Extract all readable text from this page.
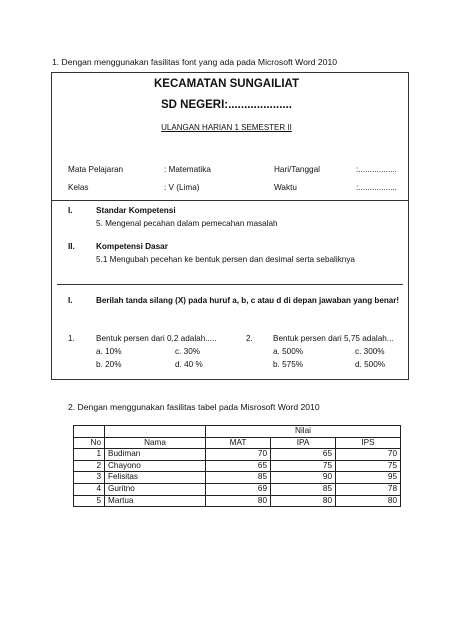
1. Dengan menggunakan fasilitas font yang ada pada Microsoft Word 2010
KECAMATAN SUNGAILIAT
SD NEGERI:....................
ULANGAN HARIAN 1 SEMESTER II
Mata Pelajaran	: Matematika	Hari/Tanggal	:.................
Kelas	: V (Lima)	Waktu	:.................
I.	Standar Kompetensi
5. Mengenal pecahan dalam pemecahan masalah
II.	Kompetensi Dasar
5.1 Mengubah pecehan ke bentuk persen dan desimal serta sebaliknya
I.	Berilah tanda silang (X) pada huruf a, b, c atau d di depan jawaban yang benar!
1.	Bentuk persen dari 0,2 adalah.....
a. 10%	c. 30%
b. 20%	d. 40 %
2. Bentuk persen dari 5,75 adalah...
a. 500%	c. 300%
b. 575%	d. 500%
2. Dengan menggunakan fasilitas tabel pada Misrosoft Word 2010
		Nilai		
No	Nama	MAT	IPA	IPS
1	Budiman	70	65	70
2	Chayono	65	75	75
3	Felisitas	85	90	95
4	Guritno	69	85	78
5	Martua	80	80	80
